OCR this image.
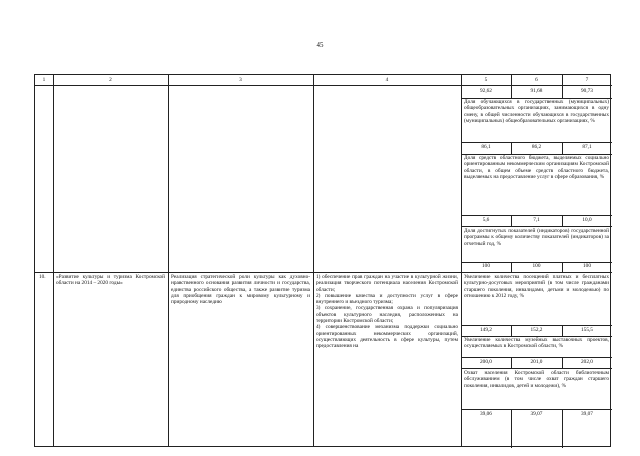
45
1	2	3	4	5	6	7
92,62	91,68	90,73
Доля обучающихся в государственных (муниципальных) общеобразовательных организациях, занимающихся в одну смену, в общей численности обучающихся в государственных (муниципальных) общеобразовательных организациях, %
86,1	86,2	87,1
Доля средств областного бюджета, выделяемых социально ориентированным некоммерческим организациям Костромской области, в общем объеме средств областного бюджета, выделяемых на предоставление услуг в сфере образования, %
5,6	7,1	10,0
Доля достигнутых показателей (индикаторов) государственной программы к общему количеству показателей (индикаторов) за отчетный год, %
100	100	100
10.	«Развитие культуры и туризма Костромской области на 2014 – 2020 годы»
Реализация стратегической роли культуры как духовно-нравственного основания развития личности и государства, единства российского общества, а также развитие туризма для приобщения граждан к мировому культурному и природному наследию
1) обеспечение прав граждан на участие в культурной жизни, реализация творческого потенциала населения Костромской области;
2) повышение качества и доступности услуг в сфере внутреннего и въездного туризма;
3) сохранение, государственная охрана и популяризация объектов культурного наследия, расположенных на территории Костромской области;
4) совершенствование механизма поддержки социально ориентированных некоммерческих организаций, осуществляющих деятельность в сфере культуры, путем предоставления на
Увеличение количества посещений платных и бесплатных культурно-досуговых мероприятий (в том числе гражданами старшего поколения, инвалидами, детьми и молодежью) по отношению к 2012 году, %
149,2	152,2	155,5
Увеличение количества музейных выставочных проектов, осуществляемых в Костромской области, %
200,0	201,0	202,0
Охват населения Костромской области библиотечным обслуживанием (в том числе охват граждан старшего поколения, инвалидов, детей и молодежи), %
39,06	39,07	39,07
